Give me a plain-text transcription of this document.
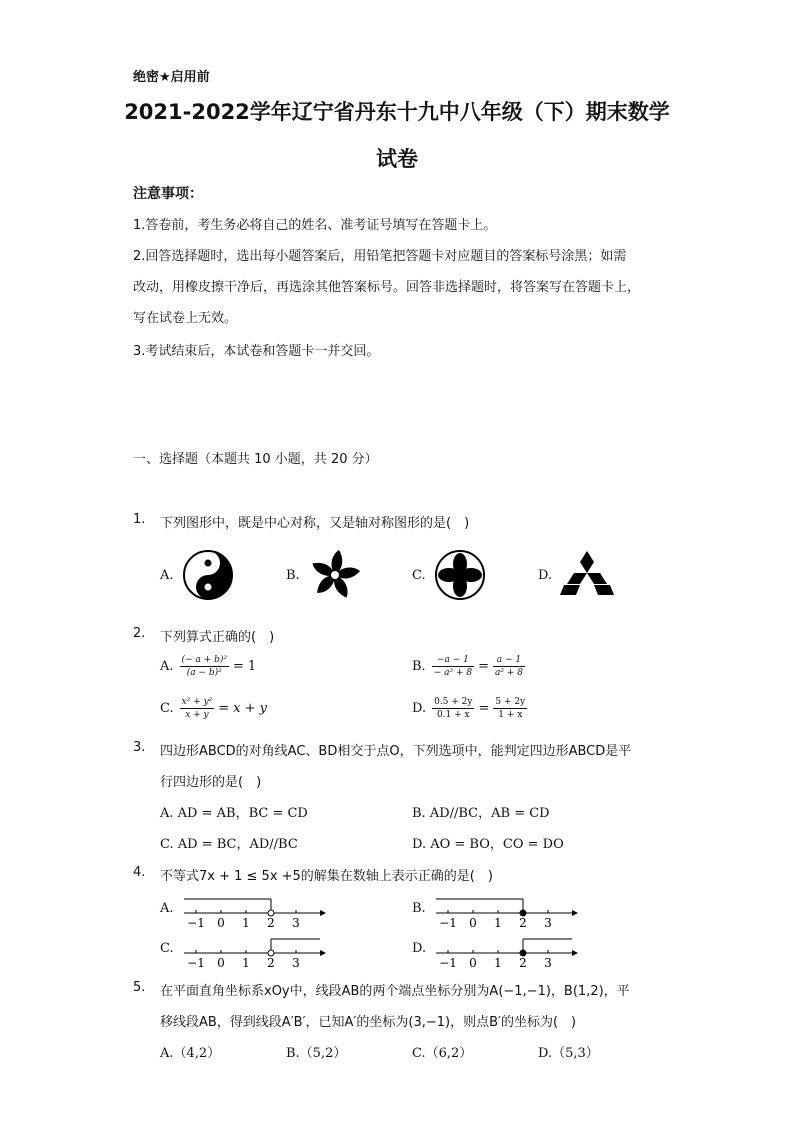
绝密★启用前
2021-2022学年辽宁省丹东十九中八年级（下）期末数学
试卷
注意事项：
1.答卷前，考生务必将自己的姓名、准考证号填写在答题卡上。
2.回答选择题时，选出每小题答案后，用铅笔把答题卡对应题目的答案标号涂黑；如需
改动，用橡皮擦干净后，再选涂其他答案标号。回答非选择题时，将答案写在答题卡上，
写在试卷上无效。
3.考试结束后，本试卷和答题卡一并交回。
一、选择题（本题共 10 小题，共 20 分）
1. 下列图形中，既是中心对称，又是轴对称图形的是(　)
A.	B.	C.	D.
2. 下列算式正确的(　)
A. $\frac{\text{(− a + b)²}}{\text{(a − b)²}} = 1$	B. $\frac{-a - 1}{\text{− a² + 8}} = \frac{a - 1}{\text{a² + 8}}$
C. $\frac{\text{x² + y²}}{x + y} = x + y$	D. $\frac{0.5 + 2y}{0.1 + x} = \frac{5 + 2y}{1 + x}$
3. 四边形ABCD的对角线AC、BD相交于点O，下列选项中，能判定四边形ABCD是平
行四边形的是(　)
A. AD = AB，BC = CD	B. AD//BC，AB = CD
C. AD = BC，AD//BC	D. AO = BO，CO = DO
4. 不等式7x + 1 ≤ 5x +5的解集在数轴上表示正确的是(　)
A.	B.
C.	D.
−1 0 1 2 3	−1 0 1 2 3
−1 0 1 2 3	−1 0 1 2 3
5. 在平面直角坐标系xOy中，线段AB的两个端点坐标分别为A(−1,−1)，B(1,2)，平
移线段AB，得到线段A′B′，已知A′的坐标为(3,−1)，则点B′的坐标为(　)
A.（4,2）	B.（5,2）	C.（6,2）	D.（5,3）
